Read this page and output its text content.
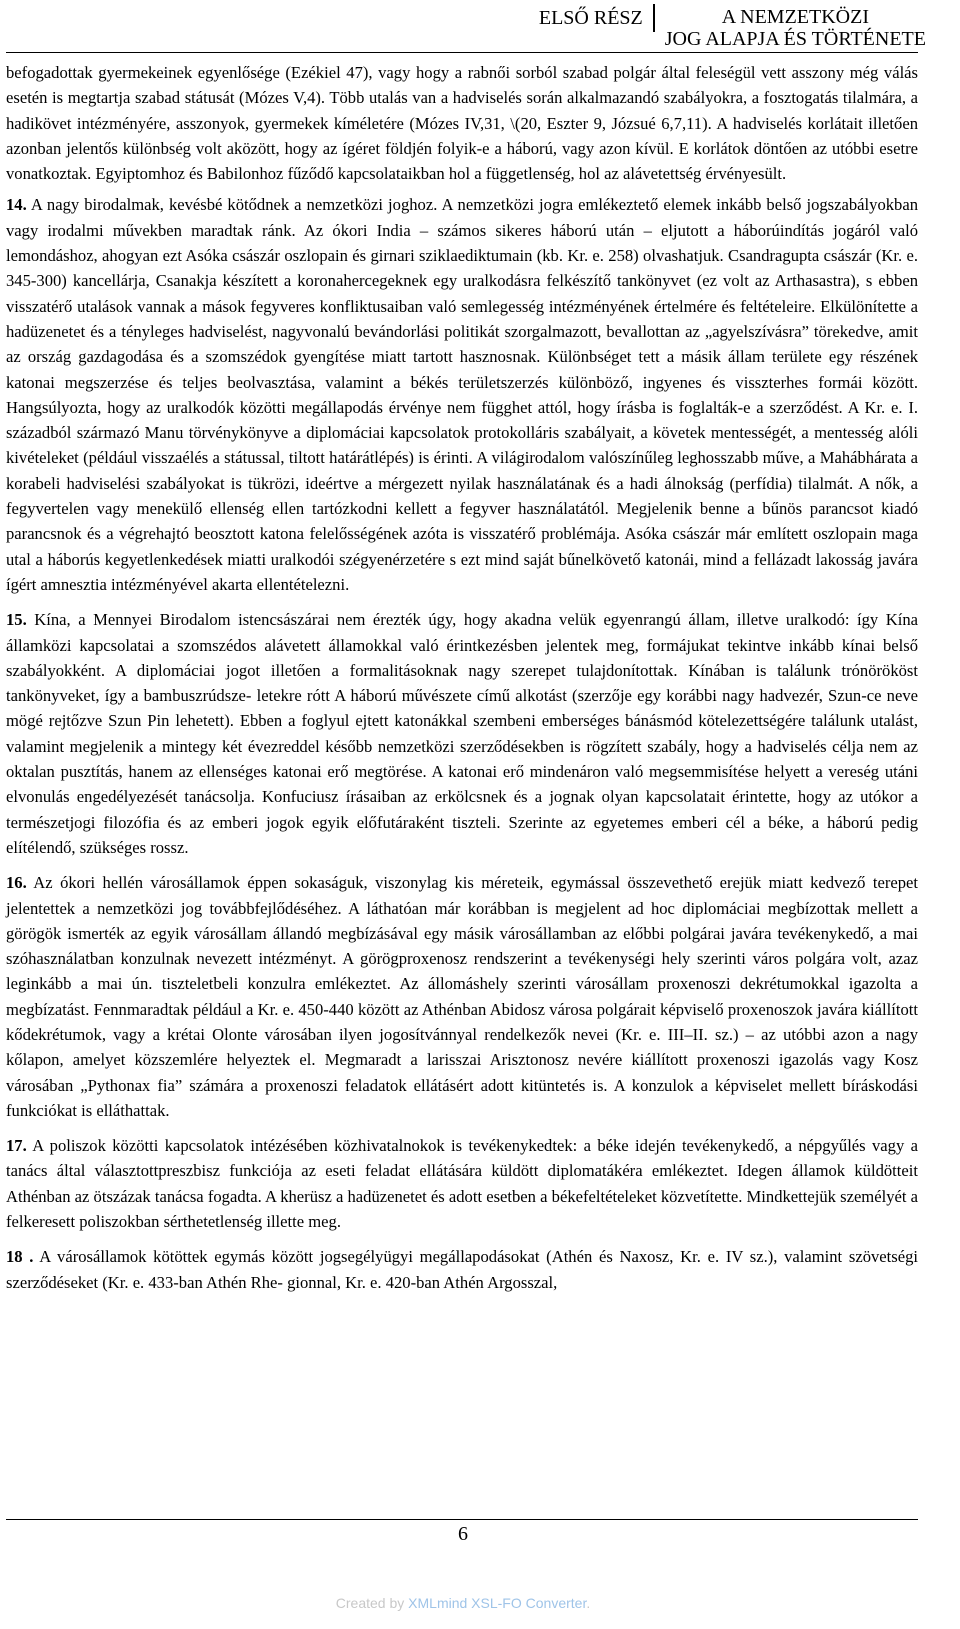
ELSŐ RÉSZ	A NEMZETKÖZI
JOG ALAPJA ÉS TÖRTÉNETE

befogadottak gyermekeinek egyenlősége (Ezékiel 47), vagy hogy a rabnői sorból szabad polgár által feleségül vett asszony még válás esetén is megtartja szabad státusát (Mózes V,4). Több utalás van a hadviselés során alkalmazandó szabályokra, a fosztogatás tilalmára, a hadikövet intézményére, asszonyok, gyermekek kíméletére (Mózes IV,31, \(20, Eszter 9, Józsué 6,7,11). A hadviselés korlátait illetően azonban jelentős különbség volt aközött, hogy az ígéret földjén folyik-e a háború, vagy azon kívül. E korlátok döntően az utóbbi esetre vonatkoztak. Egyiptomhoz és Babilonhoz fűződő kapcsolataikban hol a függetlenség, hol az alávetettség érvényesült.

14. A nagy birodalmak, kevésbé kötődnek a nemzetközi joghoz. A nemzetközi jogra emlékeztető elemek inkább belső jogszabályokban vagy irodalmi művekben maradtak ránk. Az ókori India – számos sikeres háború után – eljutott a háborúindítás jogáról való lemondáshoz, ahogyan ezt Asóka császár oszlopain és girnari sziklaediktumain (kb. Kr. e. 258) olvashatjuk. Csandragupta császár (Kr. e. 345-300) kancellárja, Csanakja készített a koronahercegeknek egy uralkodásra felkészítő tankönyvet (ez volt az Arthasastra), s ebben visszatérő utalások vannak a mások fegyveres konfliktusaiban való semlegesség intézményének értelmére és feltételeire. Elkülönítette a hadüzenetet és a tényleges hadviselést, nagyvonalú bevándorlási politikát szorgalmazott, bevallottan az „agyelszívásra” törekedve, amit az ország gazdagodása és a szomszédok gyengítése miatt tartott hasznosnak. Különbséget tett a másik állam területe egy részének katonai megszerzése és teljes beolvasztása, valamint a békés területszerzés különböző, ingyenes és visszterhes formái között. Hangsúlyozta, hogy az uralkodók közötti megállapodás érvénye nem függhet attól, hogy írásba is foglalták-e a szerződést. A Kr. e. I. századból származó Manu törvénykönyve a diplomáciai kapcsolatok protokolláris szabályait, a követek mentességét, a mentesség alóli kivételeket (például visszaélés a státussal, tiltott határátlépés) is érinti. A világirodalom valószínűleg leghosszabb műve, a Mahábhárata a korabeli hadviselési szabályokat is tükrözi, ideértve a mérgezett nyilak használatának és a hadi álnokság (perfídia) tilalmát. A nők, a fegyvertelen vagy menekülő ellenség ellen tartózkodni kellett a fegyver használatától. Megjelenik benne a bűnös parancsot kiadó parancsnok és a végrehajtó beosztott katona felelősségének azóta is visszatérő problémája. Asóka császár már említett oszlopain maga utal a háborús kegyetlenkedések miatti uralkodói szégyenérzetére s ezt mind saját bűnelkövető katonái, mind a fellázadt lakosság javára ígért amnesztia intézményével akarta ellentételezni.

15. Kína, a Mennyei Birodalom istencsászárai nem érezték úgy, hogy akadna velük egyenrangú állam, illetve uralkodó: így Kína államközi kapcsolatai a szomszédos alávetett államokkal való érintkezésben jelentek meg, formájukat tekintve inkább kínai belső szabályokként. A diplomáciai jogot illetően a formalitásoknak nagy szerepet tulajdonítottak. Kínában is találunk trónörököst tankönyveket, így a bambuszrúdsze- letekre rótt A háború művészete című alkotást (szerzője egy korábbi nagy hadvezér, Szun-ce neve mögé rejtőzve Szun Pin lehetett). Ebben a foglyul ejtett katonákkal szembeni emberséges bánásmód kötelezettségére találunk utalást, valamint megjelenik a mintegy két évezreddel később nemzetközi szerződésekben is rögzített szabály, hogy a hadviselés célja nem az oktalan pusztítás, hanem az ellenséges katonai erő megtörése. A katonai erő mindenáron való megsemmisítése helyett a vereség utáni elvonulás engedélyezését tanácsolja. Konfuciusz írásaiban az erkölcsnek és a jognak olyan kapcsolatait érintette, hogy az utókor a természetjogi filozófia és az emberi jogok egyik előfutáraként tiszteli. Szerinte az egyetemes emberi cél a béke, a háború pedig elítélendő, szükséges rossz.

16. Az ókori hellén városállamok éppen sokaságuk, viszonylag kis méreteik, egymással összevethető erejük miatt kedvező terepet jelentettek a nemzetközi jog továbbfejlődéséhez. A láthatóan már korábban is megjelent ad hoc diplomáciai megbízottak mellett a görögök ismerték az egyik városállam állandó megbízásával egy másik városállamban az előbbi polgárai javára tevékenykedő, a mai szóhasználatban konzulnak nevezett intézményt. A görögproxenosz rendszerint a tevékenységi hely szerinti város polgára volt, azaz leginkább a mai ún. tiszteletbeli konzulra emlékeztet. Az állomáshely szerinti városállam proxenoszi dekrétumokkal igazolta a megbízatást. Fennmaradtak például a Kr. e. 450-440 között az Athénban Abidosz városa polgárait képviselő proxenoszok javára kiállított kődekrétumok, vagy a krétai Olonte városában ilyen jogosítvánnyal rendelkezők nevei (Kr. e. III–II. sz.) – az utóbbi azon a nagy kőlapon, amelyet közszemlére helyeztek el. Megmaradt a larisszai Arisztonosz nevére kiállított proxenoszi igazolás vagy Kosz városában „Pythonax fia” számára a proxenoszi feladatok ellátásért adott kitüntetés is. A konzulok a képviselet mellett bíráskodási funkciókat is elláthattak.

17. A poliszok közötti kapcsolatok intézésében közhivatalnokok is tevékenykedtek: a béke idején tevékenykedő, a népgyűlés vagy a tanács által választottpreszbisz funkciója az eseti feladat ellátására küldött diplomatákéra emlékeztet. Idegen államok küldötteit Athénban az ötszázak tanácsa fogadta. A kherüsz a hadüzenetet és adott esetben a békefeltételeket közvetítette. Mindkettejük személyét a felkeresett poliszokban sérthetetlenség illette meg.

18 . A városállamok kötöttek egymás között jogsegélyügyi megállapodásokat (Athén és Naxosz, Kr. e. IV sz.), valamint szövetségi szerződéseket (Kr. e. 433-ban Athén Rhe- gionnal, Kr. e. 420-ban Athén Argosszal,

6
Created by XMLmind XSL-FO Converter.
